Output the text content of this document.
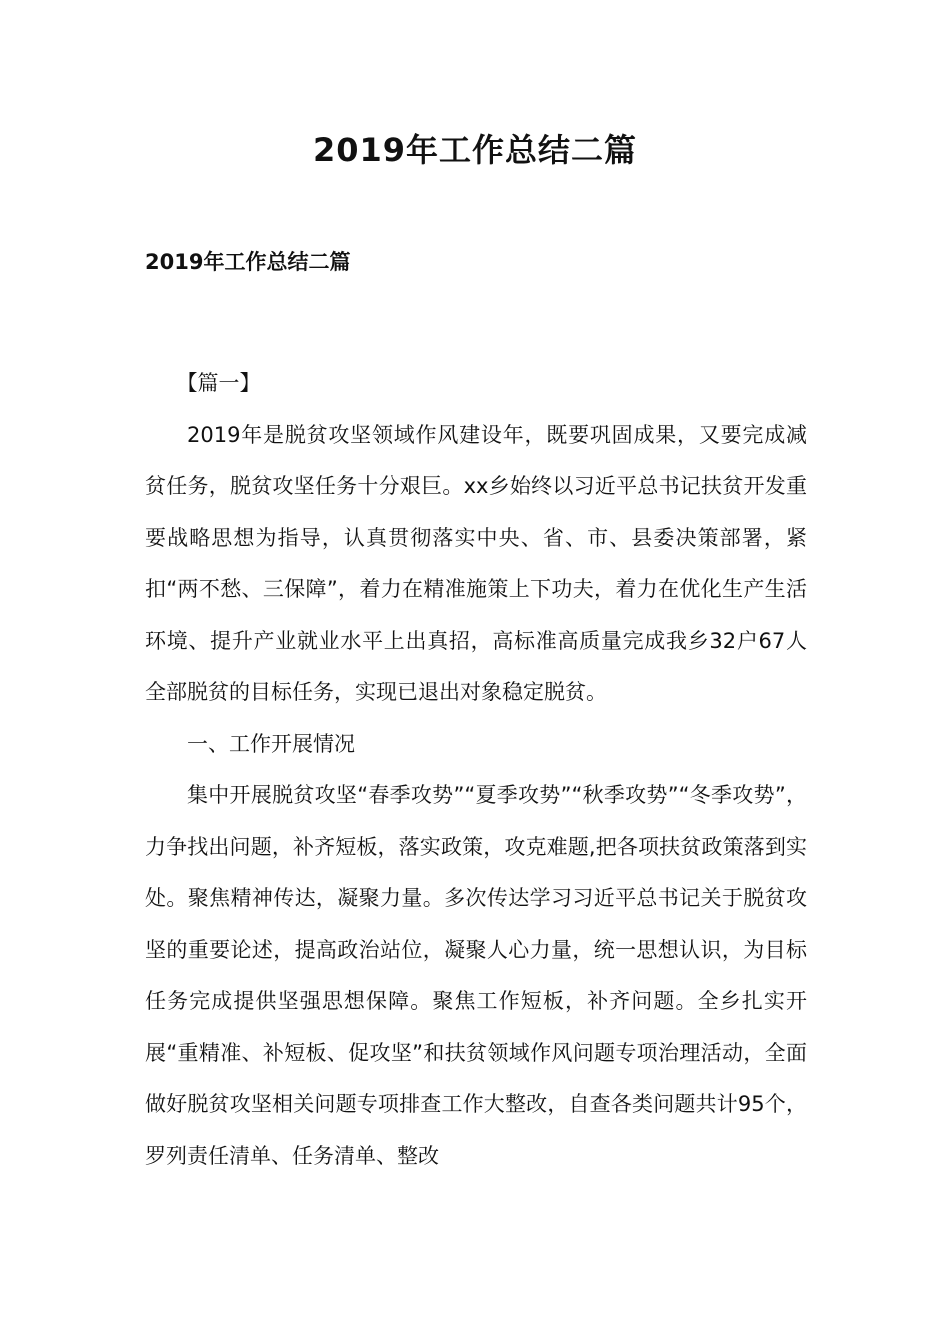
2019年工作总结二篇
2019年工作总结二篇

【篇一】

2019年是脱贫攻坚领域作风建设年，既要巩固成果，又要完成减贫任务，脱贫攻坚任务十分艰巨。xx乡始终以习近平总书记扶贫开发重要战略思想为指导，认真贯彻落实中央、省、市、县委决策部署，紧扣“两不愁、三保障”，着力在精准施策上下功夫，着力在优化生产生活环境、提升产业就业水平上出真招，高标准高质量完成我乡32户67人全部脱贫的目标任务，实现已退出对象稳定脱贫。

一、工作开展情况

集中开展脱贫攻坚“春季攻势”“夏季攻势”“秋季攻势”“冬季攻势”，力争找出问题，补齐短板，落实政策，攻克难题,把各项扶贫政策落到实处。聚焦精神传达，凝聚力量。多次传达学习习近平总书记关于脱贫攻坚的重要论述，提高政治站位，凝聚人心力量，统一思想认识，为目标任务完成提供坚强思想保障。聚焦工作短板，补齐问题。全乡扎实开展“重精准、补短板、促攻坚”和扶贫领域作风问题专项治理活动，全面做好脱贫攻坚相关问题专项排查工作大整改，自查各类问题共计95个，罗列责任清单、任务清单、整改
